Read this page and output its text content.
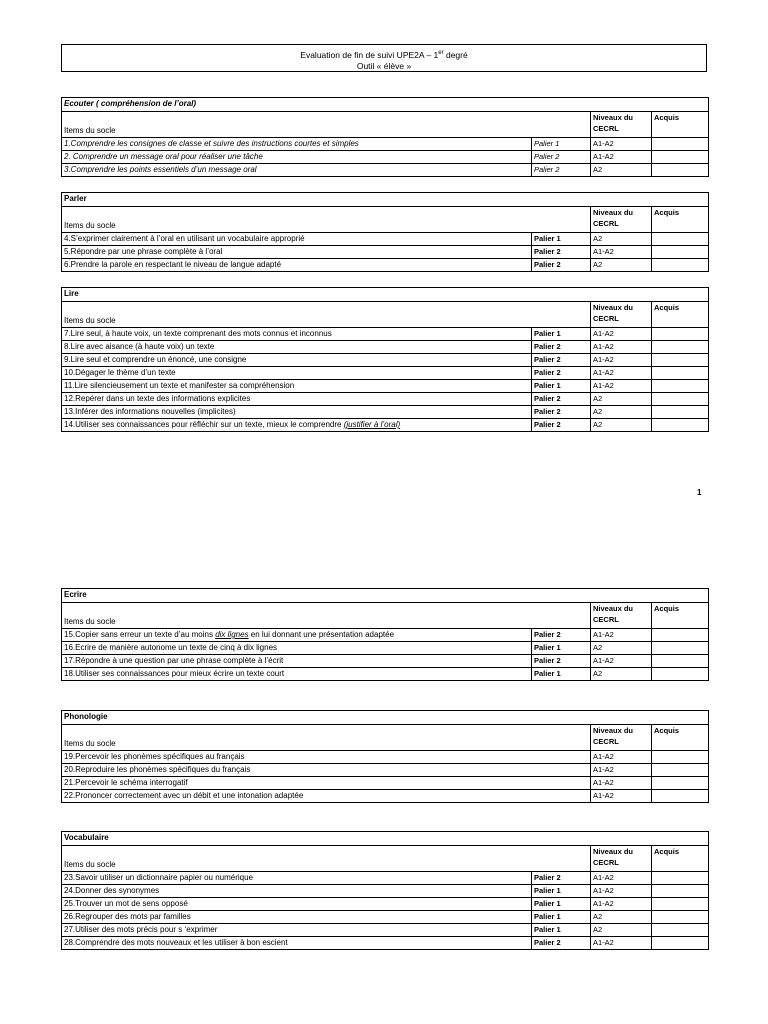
Evaluation de fin de suivi UPE2A – 1er degré
Outil « élève »
Ecouter ( compréhension de l’oral)			
Items du socle		Niveaux du CECRL	Acquis
1.Comprendre les consignes de classe et suivre des instructions courtes et simples	Palier 1	A1-A2	
2. Comprendre un message oral pour réaliser une tâche	Palier 2	A1-A2	
3.Comprendre les points essentiels d’un message oral	Palier 2	A2	
Parler			
Items du socle		Niveaux du CECRL	Acquis
4.S’exprimer clairement à l’oral en utilisant un vocabulaire approprié	Palier 1	A2	
5.Répondre par une phrase complète à l’oral	Palier 2	A1-A2	
6.Prendre la parole en respectant le niveau de langue adapté	Palier 2	A2	
Lire			
Items du socle		Niveaux du CECRL	Acquis
7.Lire seul, à haute voix, un texte comprenant des mots connus et inconnus	Palier 1	A1-A2	
8.Lire avec aisance (à haute voix) un texte	Palier 2	A1-A2	
9.Lire seul et comprendre un énoncé, une consigne	Palier 2	A1-A2	
10.Dégager le thème d’un texte	Palier 2	A1-A2	
11.Lire silencieusement un texte et manifester sa compréhension	Palier 1	A1-A2	
12.Repérer dans un texte des informations explicites	Palier 2	A2	
13.Inférer des informations nouvelles (implicites)	Palier 2	A2	
14.Utiliser ses connaissances pour réfléchir sur un texte, mieux le comprendre (justifier à l’oral)	Palier 2	A2	
1
Ecrire			
Items du socle		Niveaux du CECRL	Acquis
15.Copier sans erreur un texte d’au moins dix lignes en lui donnant une présentation adaptée	Palier 2	A1-A2	
16.Ecrire de manière autonome un texte de cinq à dix lignes	Palier 1	A2	
17.Répondre à une question par une phrase complète à l’écrit	Palier 2	A1-A2	
18.Utiliser ses connaissances pour mieux écrire un texte court	Palier 1	A2	
Phonologie		
Items du socle	Niveaux du CECRL	Acquis
19.Percevoir les phonèmes spécifiques au français	A1-A2	
20.Reproduire les phonèmes spécifiques du français	A1-A2	
21.Percevoir le schéma interrogatif	A1-A2	
22.Prononcer correctement avec un débit et une intonation adaptée	A1-A2	
Vocabulaire			
Items du socle		Niveaux du CECRL	Acquis
23.Savoir utiliser un dictionnaire papier ou numérique	Palier 2	A1-A2	
24.Donner des synonymes	Palier 1	A1-A2	
25.Trouver un mot de sens opposé	Palier 1	A1-A2	
26.Regrouper des mots par familles	Palier 1	A2	
27.Utiliser des mots précis pour s ‘exprimer	Palier 1	A2	
28.Comprendre des mots nouveaux et les utiliser à bon escient	Palier 2	A1-A2	
